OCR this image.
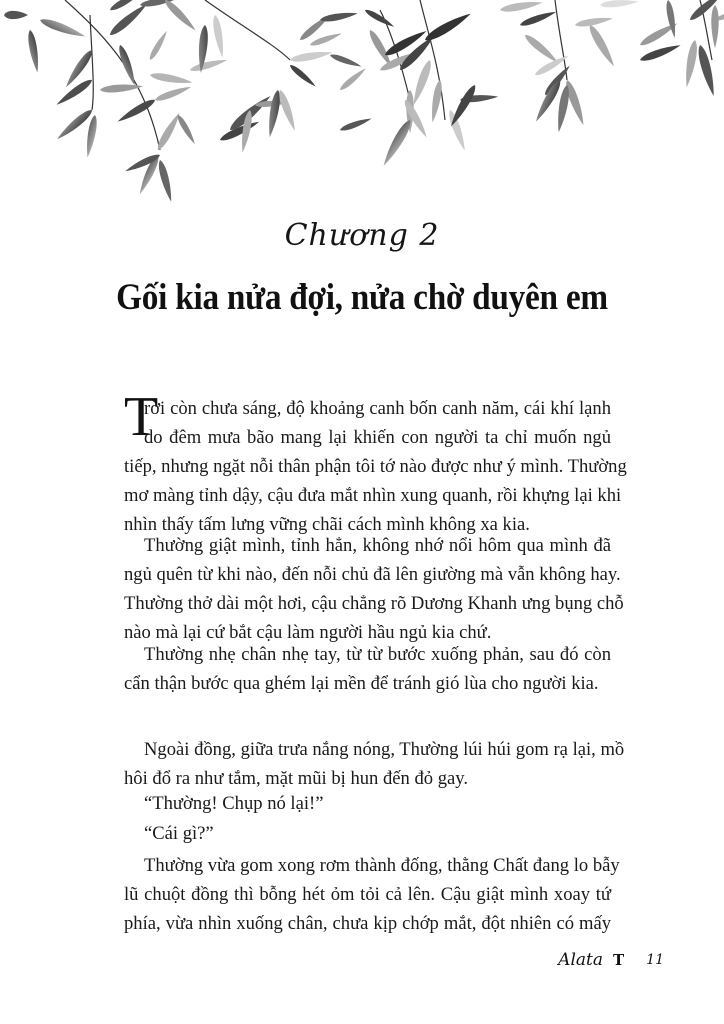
Chương 2
Gối kia nửa đợi, nửa chờ duyên em
T
rời còn chưa sáng, độ khoảng canh bốn canh năm, cái khí lạnh
do đêm mưa bão mang lại khiến con người ta chỉ muốn ngủ
tiếp, nhưng ngặt nỗi thân phận tôi tớ nào được như ý mình. Thường
mơ màng tỉnh dậy, cậu đưa mắt nhìn xung quanh, rồi khựng lại khi
nhìn thấy tấm lưng vững chãi cách mình không xa kia.
Thường giật mình, tỉnh hẳn, không nhớ nổi hôm qua mình đã
ngủ quên từ khi nào, đến nỗi chủ đã lên giường mà vẫn không hay.
Thường thở dài một hơi, cậu chẳng rõ Dương Khanh ưng bụng chỗ
nào mà lại cứ bắt cậu làm người hầu ngủ kia chứ.
Thường nhẹ chân nhẹ tay, từ từ bước xuống phản, sau đó còn
cẩn thận bước qua ghém lại mền để tránh gió lùa cho người kia.
Ngoài đồng, giữa trưa nắng nóng, Thường lúi húi gom rạ lại, mồ
hôi đổ ra như tắm, mặt mũi bị hun đến đỏ gay.
“Thường! Chụp nó lại!”
“Cái gì?”
Thường vừa gom xong rơm thành đống, thằng Chất đang lo bẫy
lũ chuột đồng thì bỗng hét ỏm tỏi cả lên. Cậu giật mình xoay tứ
phía, vừa nhìn xuống chân, chưa kịp chớp mắt, đột nhiên có mấy
Alata T 11
